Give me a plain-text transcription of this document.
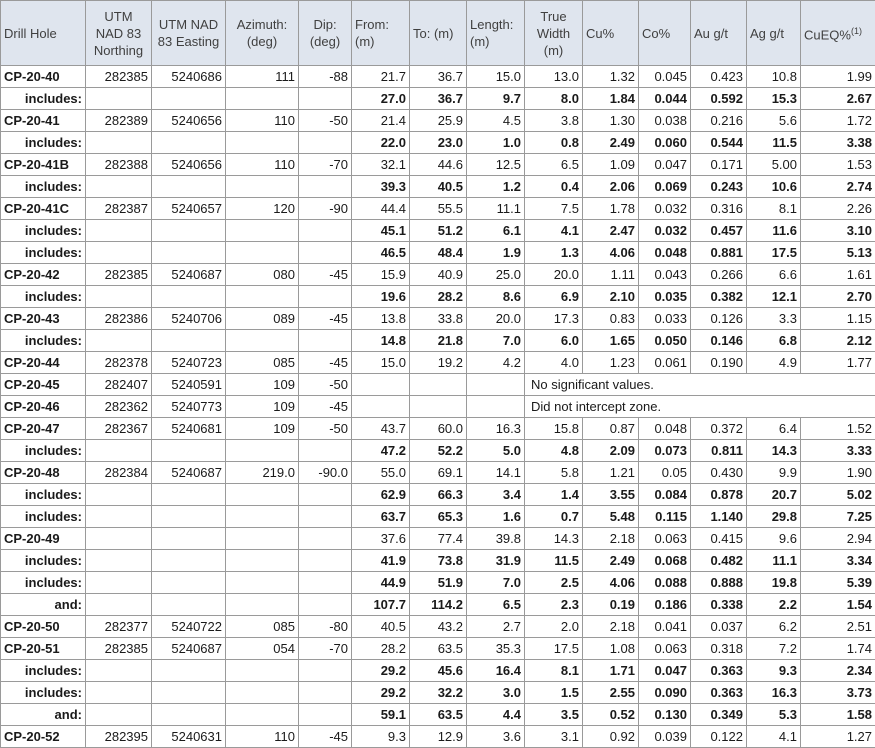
Drill Hole	UTM NAD 83 Northing	UTM NAD 83 Easting	Azimuth: (deg)	Dip: (deg)	From: (m)	To: (m)	Length: (m)	True Width (m)	Cu%	Co%	Au g/t	Ag g/t	CuEQ%$^{(1)}$
CP-20-40	282385	5240686	111	-88	21.7	36.7	15.0	13.0	1.32	0.045	0.423	10.8	1.99
includes:					27.0	36.7	9.7	8.0	1.84	0.044	0.592	15.3	2.67
CP-20-41	282389	5240656	110	-50	21.4	25.9	4.5	3.8	1.30	0.038	0.216	5.6	1.72
includes:					22.0	23.0	1.0	0.8	2.49	0.060	0.544	11.5	3.38
CP-20-41B	282388	5240656	110	-70	32.1	44.6	12.5	6.5	1.09	0.047	0.171	5.00	1.53
includes:					39.3	40.5	1.2	0.4	2.06	0.069	0.243	10.6	2.74
CP-20-41C	282387	5240657	120	-90	44.4	55.5	11.1	7.5	1.78	0.032	0.316	8.1	2.26
includes:					45.1	51.2	6.1	4.1	2.47	0.032	0.457	11.6	3.10
includes:					46.5	48.4	1.9	1.3	4.06	0.048	0.881	17.5	5.13
CP-20-42	282385	5240687	080	-45	15.9	40.9	25.0	20.0	1.11	0.043	0.266	6.6	1.61
includes:					19.6	28.2	8.6	6.9	2.10	0.035	0.382	12.1	2.70
CP-20-43	282386	5240706	089	-45	13.8	33.8	20.0	17.3	0.83	0.033	0.126	3.3	1.15
includes:					14.8	21.8	7.0	6.0	1.65	0.050	0.146	6.8	2.12
CP-20-44	282378	5240723	085	-45	15.0	19.2	4.2	4.0	1.23	0.061	0.190	4.9	1.77
CP-20-45	282407	5240591	109	-50				No significant values.					
CP-20-46	282362	5240773	109	-45				Did not intercept zone.					
CP-20-47	282367	5240681	109	-50	43.7	60.0	16.3	15.8	0.87	0.048	0.372	6.4	1.52
includes:					47.2	52.2	5.0	4.8	2.09	0.073	0.811	14.3	3.33
CP-20-48	282384	5240687	219.0	-90.0	55.0	69.1	14.1	5.8	1.21	0.05	0.430	9.9	1.90
includes:					62.9	66.3	3.4	1.4	3.55	0.084	0.878	20.7	5.02
includes:					63.7	65.3	1.6	0.7	5.48	0.115	1.140	29.8	7.25
CP-20-49					37.6	77.4	39.8	14.3	2.18	0.063	0.415	9.6	2.94
includes:					41.9	73.8	31.9	11.5	2.49	0.068	0.482	11.1	3.34
includes:					44.9	51.9	7.0	2.5	4.06	0.088	0.888	19.8	5.39
and:					107.7	114.2	6.5	2.3	0.19	0.186	0.338	2.2	1.54
CP-20-50	282377	5240722	085	-80	40.5	43.2	2.7	2.0	2.18	0.041	0.037	6.2	2.51
CP-20-51	282385	5240687	054	-70	28.2	63.5	35.3	17.5	1.08	0.063	0.318	7.2	1.74
includes:					29.2	45.6	16.4	8.1	1.71	0.047	0.363	9.3	2.34
includes:					29.2	32.2	3.0	1.5	2.55	0.090	0.363	16.3	3.73
and:					59.1	63.5	4.4	3.5	0.52	0.130	0.349	5.3	1.58
CP-20-52	282395	5240631	110	-45	9.3	12.9	3.6	3.1	0.92	0.039	0.122	4.1	1.27
